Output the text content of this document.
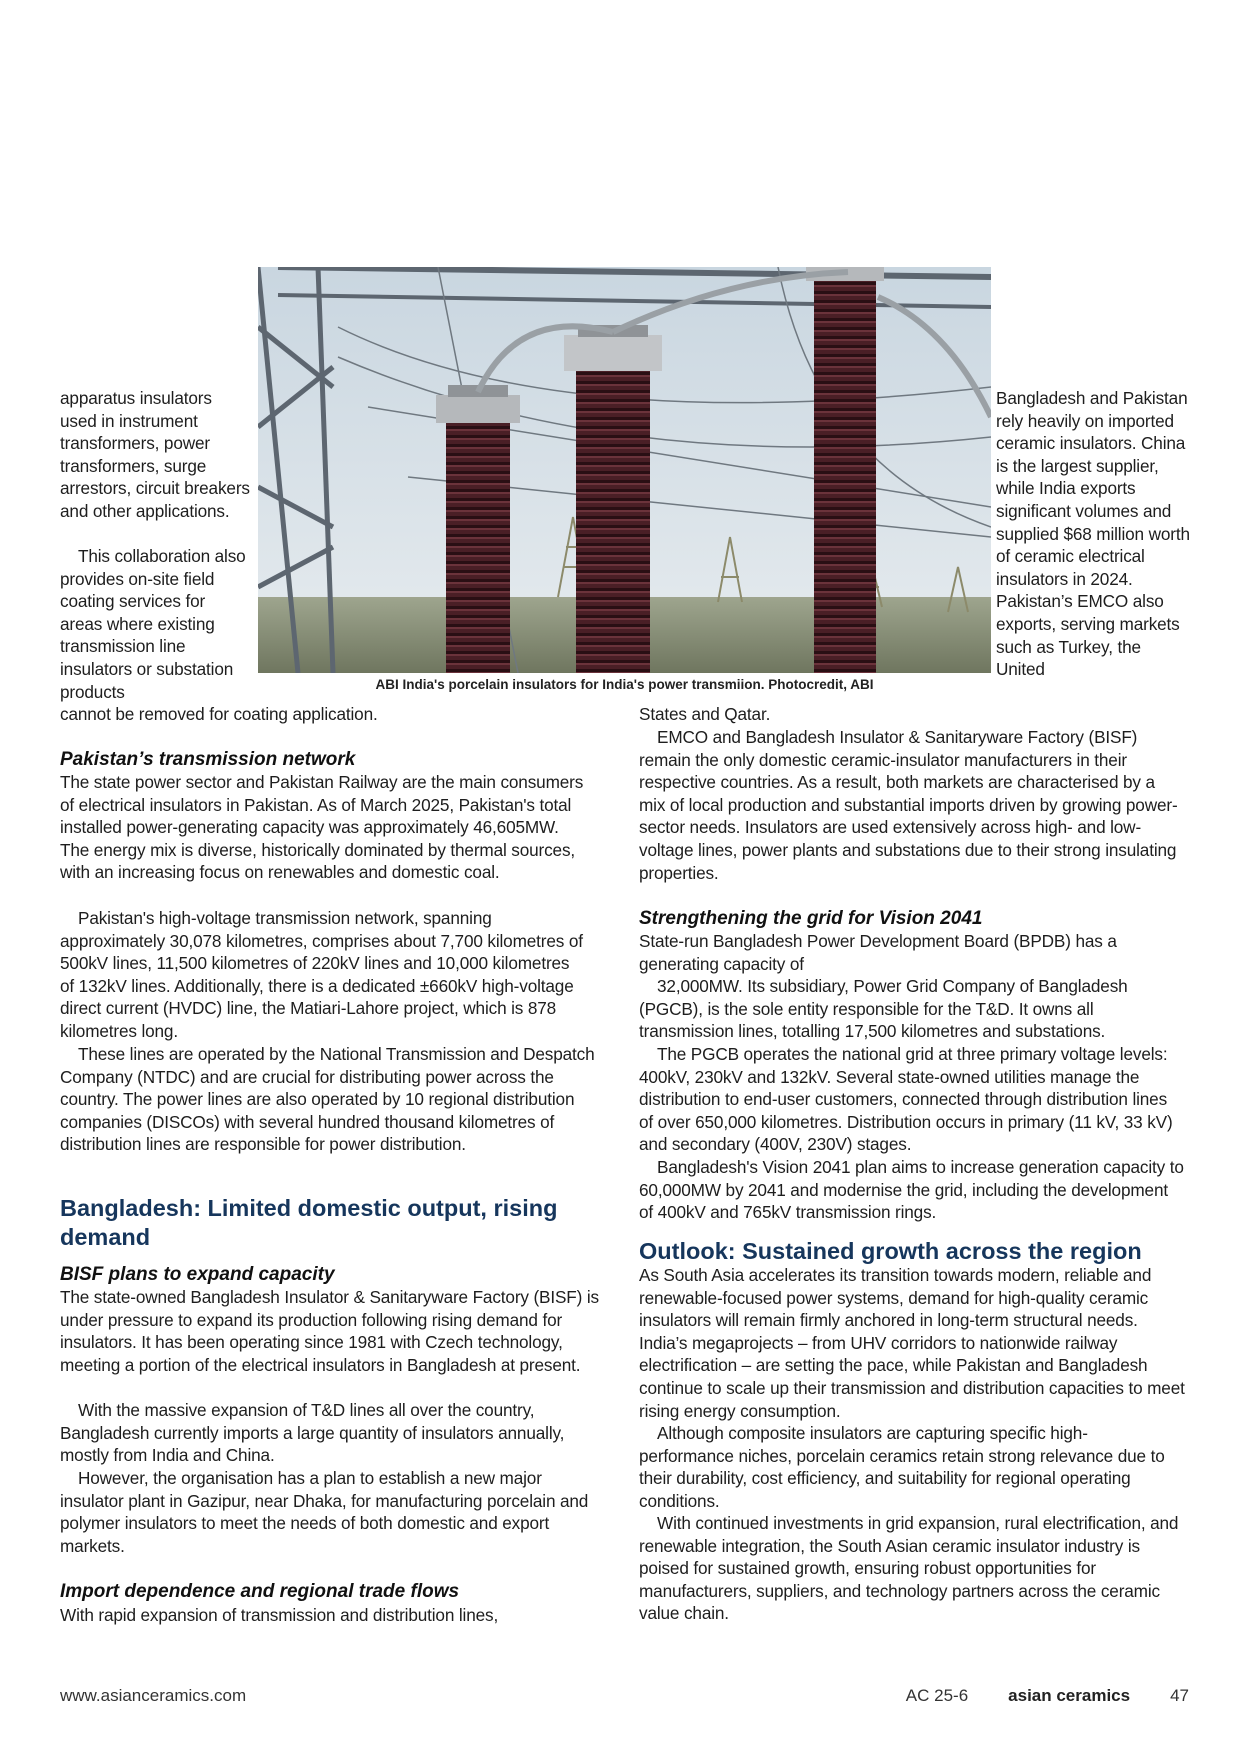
ABI India's porcelain insulators for India's power transmiion. Photocredit, ABI

apparatus insulators used in instrument transformers, power transformers, surge arrestors, circuit breakers and other applications.

This collaboration also provides on-site field coating services for areas where existing transmission line insulators or substation products

cannot be removed for coating application.

Pakistan’s transmission network

The state power sector and Pakistan Railway are the main consumers of electrical insulators in Pakistan. As of March 2025, Pakistan's total installed power-generating capacity was approximately 46,605MW. The energy mix is diverse, historically dominated by thermal sources, with an increasing focus on renewables and domestic coal.

Pakistan's high-voltage transmission network, spanning approximately 30,078 kilometres, comprises about 7,700 kilometres of 500kV lines, 11,500 kilometres of 220kV lines and 10,000 kilometres of 132kV lines. Additionally, there is a dedicated ±660kV high-voltage direct current (HVDC) line, the Matiari-Lahore project, which is 878 kilometres long.

These lines are operated by the National Transmission and Despatch Company (NTDC) and are crucial for distributing power across the country. The power lines are also operated by 10 regional distribution companies (DISCOs) with several hundred thousand kilometres of distribution lines are responsible for power distribution.

Bangladesh: Limited domestic output, rising demand
BISF plans to expand capacity

The state-owned Bangladesh Insulator & Sanitaryware Factory (BISF) is under pressure to expand its production following rising demand for insulators. It has been operating since 1981 with Czech technology, meeting a portion of the electrical insulators in Bangladesh at present.

With the massive expansion of T&D lines all over the country, Bangladesh currently imports a large quantity of insulators annually, mostly from India and China.

However, the organisation has a plan to establish a new major insulator plant in Gazipur, near Dhaka, for manufacturing porcelain and polymer insulators to meet the needs of both domestic and export markets.

Import dependence and regional trade flows

With rapid expansion of transmission and distribution lines,

Bangladesh and Pakistan rely heavily on imported ceramic insulators. China is the largest supplier, while India exports significant volumes and supplied $68 million worth of ceramic electrical insulators in 2024. Pakistan’s EMCO also exports, serving markets such as Turkey, the United

States and Qatar.

EMCO and Bangladesh Insulator & Sanitaryware Factory (BISF) remain the only domestic ceramic-insulator manufacturers in their respective countries. As a result, both markets are characterised by a mix of local production and substantial imports driven by growing power-sector needs. Insulators are used extensively across high- and low-voltage lines, power plants and substations due to their strong insulating properties.

Strengthening the grid for Vision 2041

State-run Bangladesh Power Development Board (BPDB) has a generating capacity of

32,000MW. Its subsidiary, Power Grid Company of Bangladesh (PGCB), is the sole entity responsible for the T&D. It owns all transmission lines, totalling 17,500 kilometres and substations.

The PGCB operates the national grid at three primary voltage levels: 400kV, 230kV and 132kV. Several state-owned utilities manage the distribution to end-user customers, connected through distribution lines of over 650,000 kilometres. Distribution occurs in primary (11 kV, 33 kV) and secondary (400V, 230V) stages.

Bangladesh's Vision 2041 plan aims to increase generation capacity to 60,000MW by 2041 and modernise the grid, including the development of 400kV and 765kV transmission rings.

Outlook: Sustained growth across the region

As South Asia accelerates its transition towards modern, reliable and renewable-focused power systems, demand for high-quality ceramic insulators will remain firmly anchored in long-term structural needs. India’s megaprojects – from UHV corridors to nationwide railway electrification – are setting the pace, while Pakistan and Bangladesh continue to scale up their transmission and distribution capacities to meet rising energy consumption.

Although composite insulators are capturing specific high-performance niches, porcelain ceramics retain strong relevance due to their durability, cost efficiency, and suitability for regional operating conditions.

With continued investments in grid expansion, rural electrification, and renewable integration, the South Asian ceramic insulator industry is poised for sustained growth, ensuring robust opportunities for manufacturers, suppliers, and technology partners across the ceramic value chain.

www.asianceramics.com	AC 25-6 asian ceramics 47
